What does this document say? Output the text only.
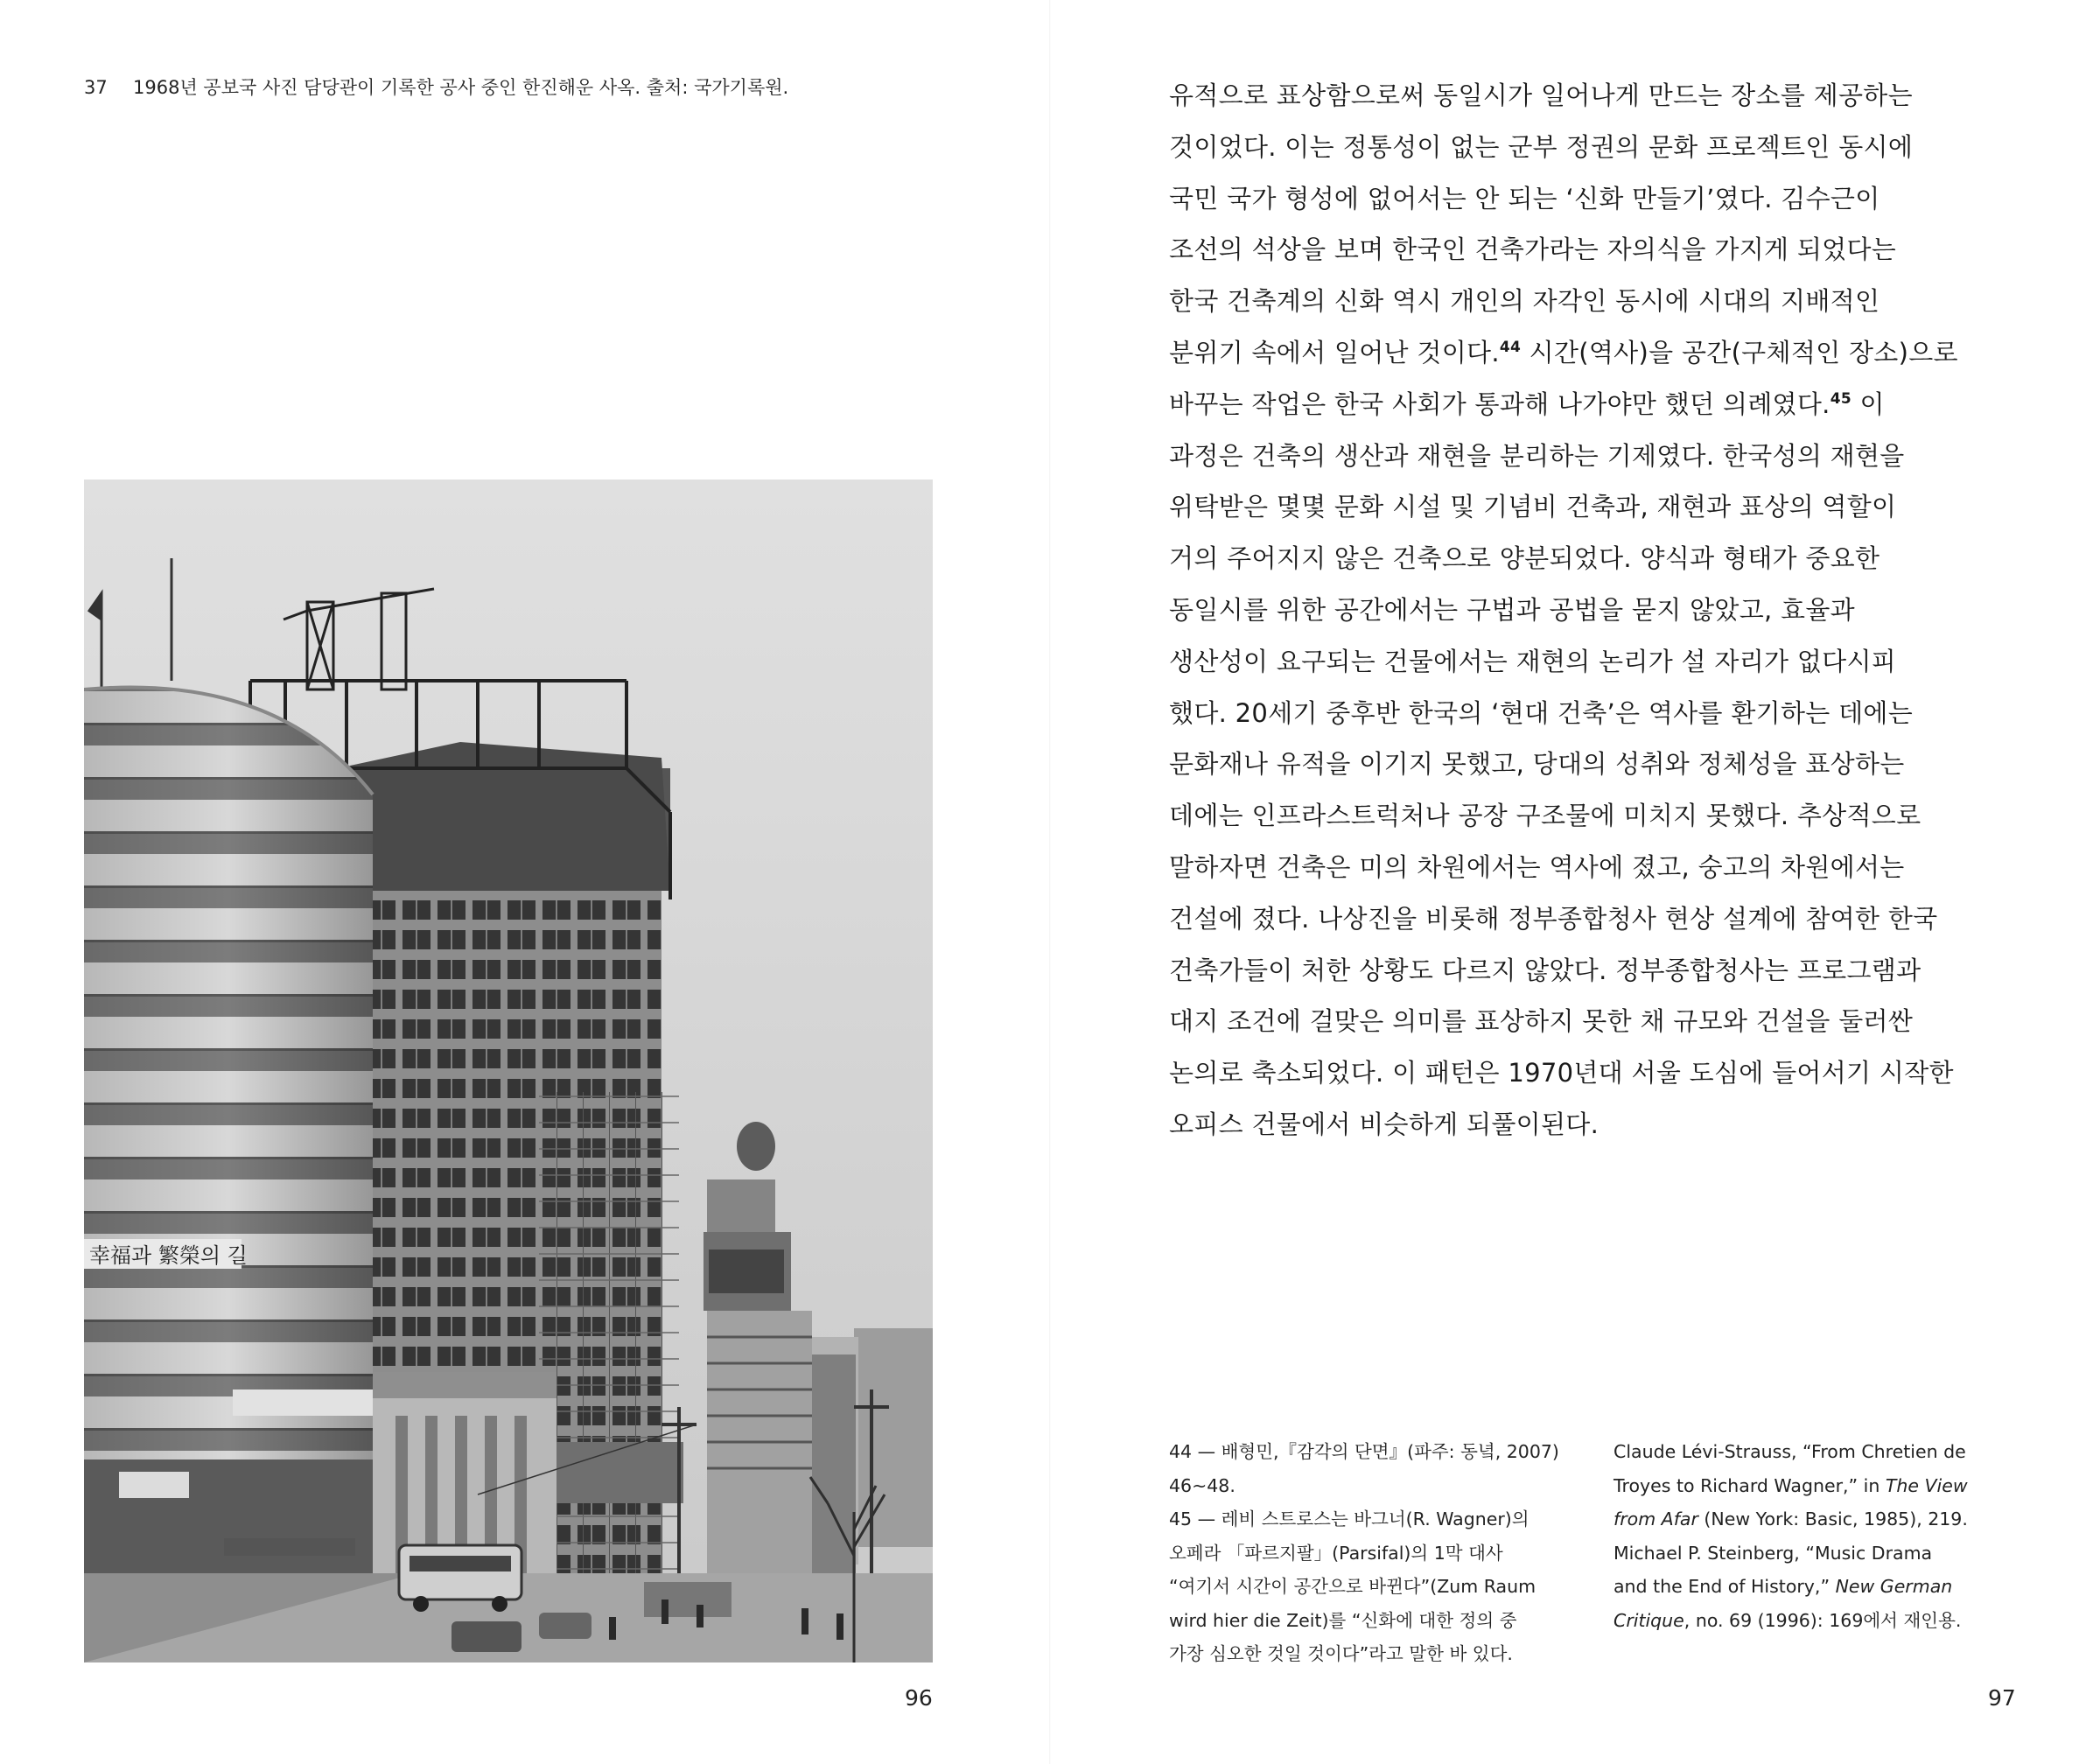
37 1968년 공보국 사진 담당관이 기록한 공사 중인 한진해운 사옥. 출처: 국가기록원.
幸福과 繁榮의 길
96
유적으로 표상함으로써 동일시가 일어나게 만드는 장소를 제공하는
것이었다. 이는 정통성이 없는 군부 정권의 문화 프로젝트인 동시에
국민 국가 형성에 없어서는 안 되는 ‘신화 만들기’였다. 김수근이
조선의 석상을 보며 한국인 건축가라는 자의식을 가지게 되었다는
한국 건축계의 신화 역시 개인의 자각인 동시에 시대의 지배적인
분위기 속에서 일어난 것이다.$^{44}$ 시간(역사)을 공간(구체적인 장소)으로
바꾸는 작업은 한국 사회가 통과해 나가야만 했던 의례였다.$^{45}$ 이
과정은 건축의 생산과 재현을 분리하는 기제였다. 한국성의 재현을
위탁받은 몇몇 문화 시설 및 기념비 건축과, 재현과 표상의 역할이
거의 주어지지 않은 건축으로 양분되었다. 양식과 형태가 중요한
동일시를 위한 공간에서는 구법과 공법을 묻지 않았고, 효율과
생산성이 요구되는 건물에서는 재현의 논리가 설 자리가 없다시피
했다. 20세기 중후반 한국의 ‘현대 건축’은 역사를 환기하는 데에는
문화재나 유적을 이기지 못했고, 당대의 성취와 정체성을 표상하는
데에는 인프라스트럭처나 공장 구조물에 미치지 못했다. 추상적으로
말하자면 건축은 미의 차원에서는 역사에 졌고, 숭고의 차원에서는
건설에 졌다. 나상진을 비롯해 정부종합청사 현상 설계에 참여한 한국
건축가들이 처한 상황도 다르지 않았다. 정부종합청사는 프로그램과
대지 조건에 걸맞은 의미를 표상하지 못한 채 규모와 건설을 둘러싼
논의로 축소되었다. 이 패턴은 1970년대 서울 도심에 들어서기 시작한
오피스 건물에서 비슷하게 되풀이된다.
44 — 배형민,『감각의 단면』(파주: 동녘, 2007)
46~48.
45 — 레비 스트로스는 바그너(R. Wagner)의
오페라 「파르지팔」(Parsifal)의 1막 대사
“여기서 시간이 공간으로 바뀐다”(Zum Raum
wird hier die Zeit)를 “신화에 대한 정의 중
가장 심오한 것일 것이다”라고 말한 바 있다.
Claude Lévi-Strauss, “From Chretien de
Troyes to Richard Wagner,” in The View
from Afar (New York: Basic, 1985), 219.
Michael P. Steinberg, “Music Drama
and the End of History,” New German
Critique, no. 69 (1996): 169에서 재인용.
97
